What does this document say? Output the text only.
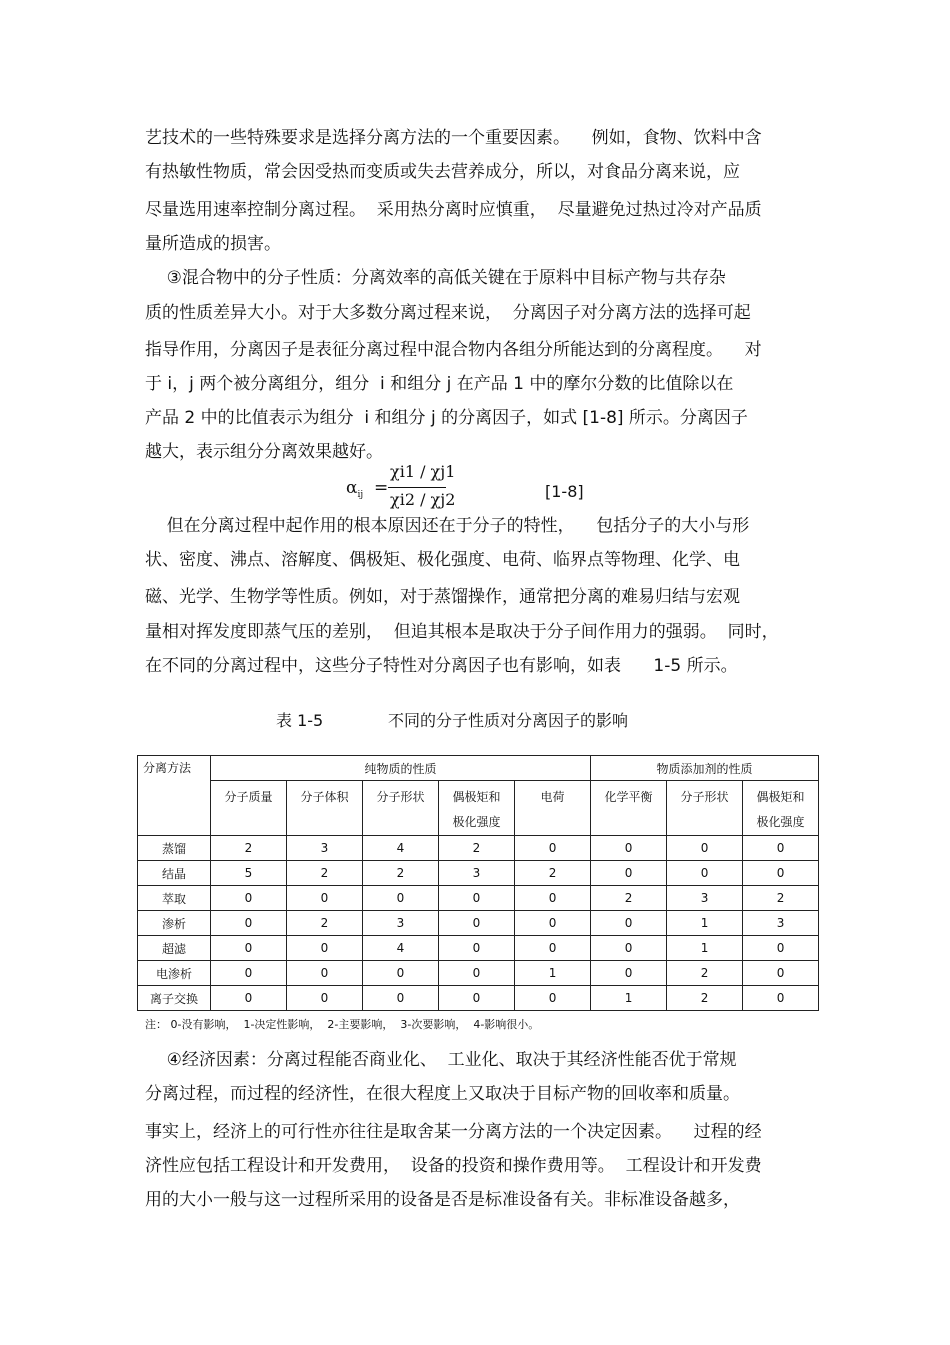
艺技术的一些特殊要求是选择分离方法的一个重要因素。    例如，食物、饮料中含
有热敏性物质，常会因受热而变质或失去营养成分，所以，对食品分离来说，应
尽量选用速率控制分离过程。  采用热分离时应慎重，  尽量避免过热过冷对产品质
量所造成的损害。
③混合物中的分子性质：分离效率的高低关键在于原料中目标产物与共存杂
质的性质差异大小。对于大多数分离过程来说，  分离因子对分离方法的选择可起
指导作用，分离因子是表征分离过程中混合物内各组分所能达到的分离程度。    对
于 i，j 两个被分离组分，组分  i 和组分 j 在产品 1 中的摩尔分数的比值除以在
产品 2 中的比值表示为组分  i 和组分 j 的分离因子，如式 [1-8] 所示。分离因子
越大，表示组分分离效果越好。
$\alpha_{ij}$ =
χi1 / χj1
χi2 / χj2	[1-8]
但在分离过程中起作用的根本原因还在于分子的特性，    包括分子的大小与形
状、密度、沸点、溶解度、偶极矩、极化强度、电荷、临界点等物理、化学、电
磁、光学、生物学等性质。例如，对于蒸馏操作，通常把分离的难易归结与宏观
量相对挥发度即蒸气压的差别，  但追其根本是取决于分子间作用力的强弱。  同时，
在不同的分离过程中，这些分子特性对分离因子也有影响，如表      1-5 所示。
表 1-5	不同的分子性质对分离因子的影响
分离方法	纯物质的性质					物质添加剂的性质		
	分子质量	分子体积	分子形状	偶极矩和极化强度	电荷	化学平衡	分子形状	偶极矩和极化强度
蒸馏	2	3	4	2	0	0	0	0
结晶	5	2	2	3	2	0	0	0
萃取	0	0	0	0	0	2	3	2
渗析	0	2	3	0	0	0	1	3
超滤	0	0	4	0	0	0	1	0
电渗析	0	0	0	0	1	0	2	0
离子交换	0	0	0	0	0	1	2	0
注： 0-没有影响，  1-决定性影响，  2-主要影响，  3-次要影响，  4-影响很小。
④经济因素：分离过程能否商业化、  工业化、取决于其经济性能否优于常规
分离过程，而过程的经济性，在很大程度上又取决于目标产物的回收率和质量。
事实上，经济上的可行性亦往往是取舍某一分离方法的一个决定因素。    过程的经
济性应包括工程设计和开发费用，  设备的投资和操作费用等。  工程设计和开发费
用的大小一般与这一过程所采用的设备是否是标准设备有关。非标准设备越多，
